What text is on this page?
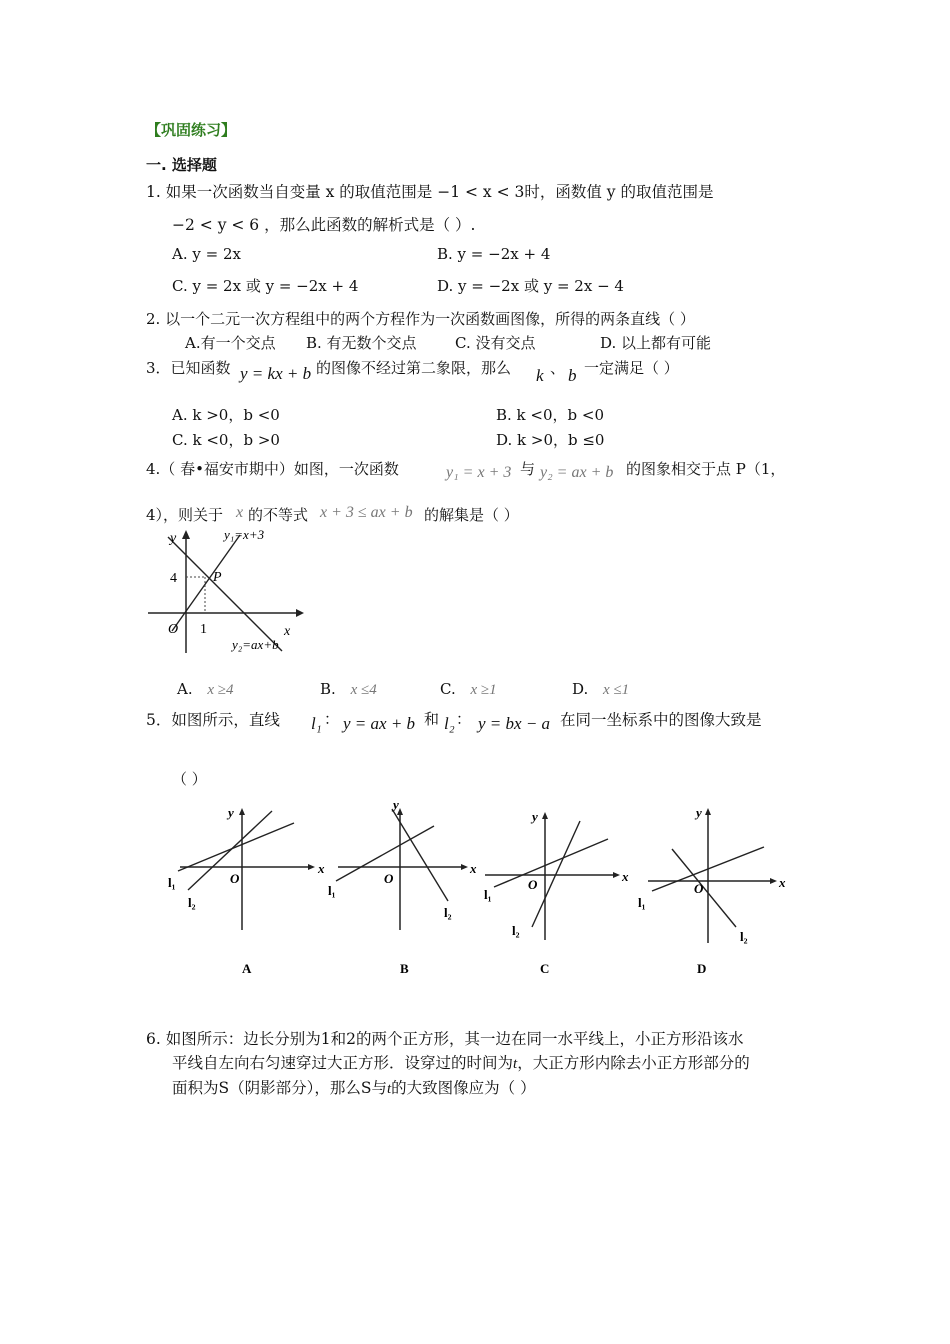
【巩固练习】
一. 选择题
1. 如果一次函数当自变量 x 的取值范围是 −1 < x < 3时，函数值 y 的取值范围是
−2 < y < 6 ，那么此函数的解析式是（ ）.
A. y = 2x	B. y = −2x + 4
C. y = 2x 或 y = −2x + 4	D. y = −2x 或 y = 2x − 4
2. 以一个二元一次方程组中的两个方程作为一次函数画图像，所得的两条直线（ ）
A.有一个交点 B. 有无数个交点	C. 没有交点	D. 以上都有可能
3．已知函数 y = kx + b 的图像不经过第二象限，那么 k 、 b 一定满足（ ）
A. k >0，b <0	B. k <0，b <0
C. k <0，b >0	D. k >0，b ≤0
4.（ 春•福安市期中）如图，一次函数	y₁ = x + 3 与 y₂ = ax + b 的图象相交于点 P（1，
4），则关于 x 的不等式 x + 3 ≤ ax + b 的解集是（ ）
y
x
O
4
1
P
y₁=x+3
y₂=ax+b
A. x ≥4	B. x ≤4	C. x ≥1	D. x ≤1
5．如图所示，直线 l₁ ： y = ax + b 和 l₂ ： y = bx − a 在同一坐标系中的图像大致是
（ ）
x
y
O
l₁
l₂
A
x
y
O
l₁
l₂
B
x
y
O
l₁
l₂
C
x
y
O
l₁
l₂
D
6. 如图所示：边长分别为1和2的两个正方形，其一边在同一水平线上，小正方形沿该水
平线自左向右匀速穿过大正方形．设穿过的时间为t，大正方形内除去小正方形部分的
面积为S（阴影部分），那么S与t的大致图像应为（ ）
